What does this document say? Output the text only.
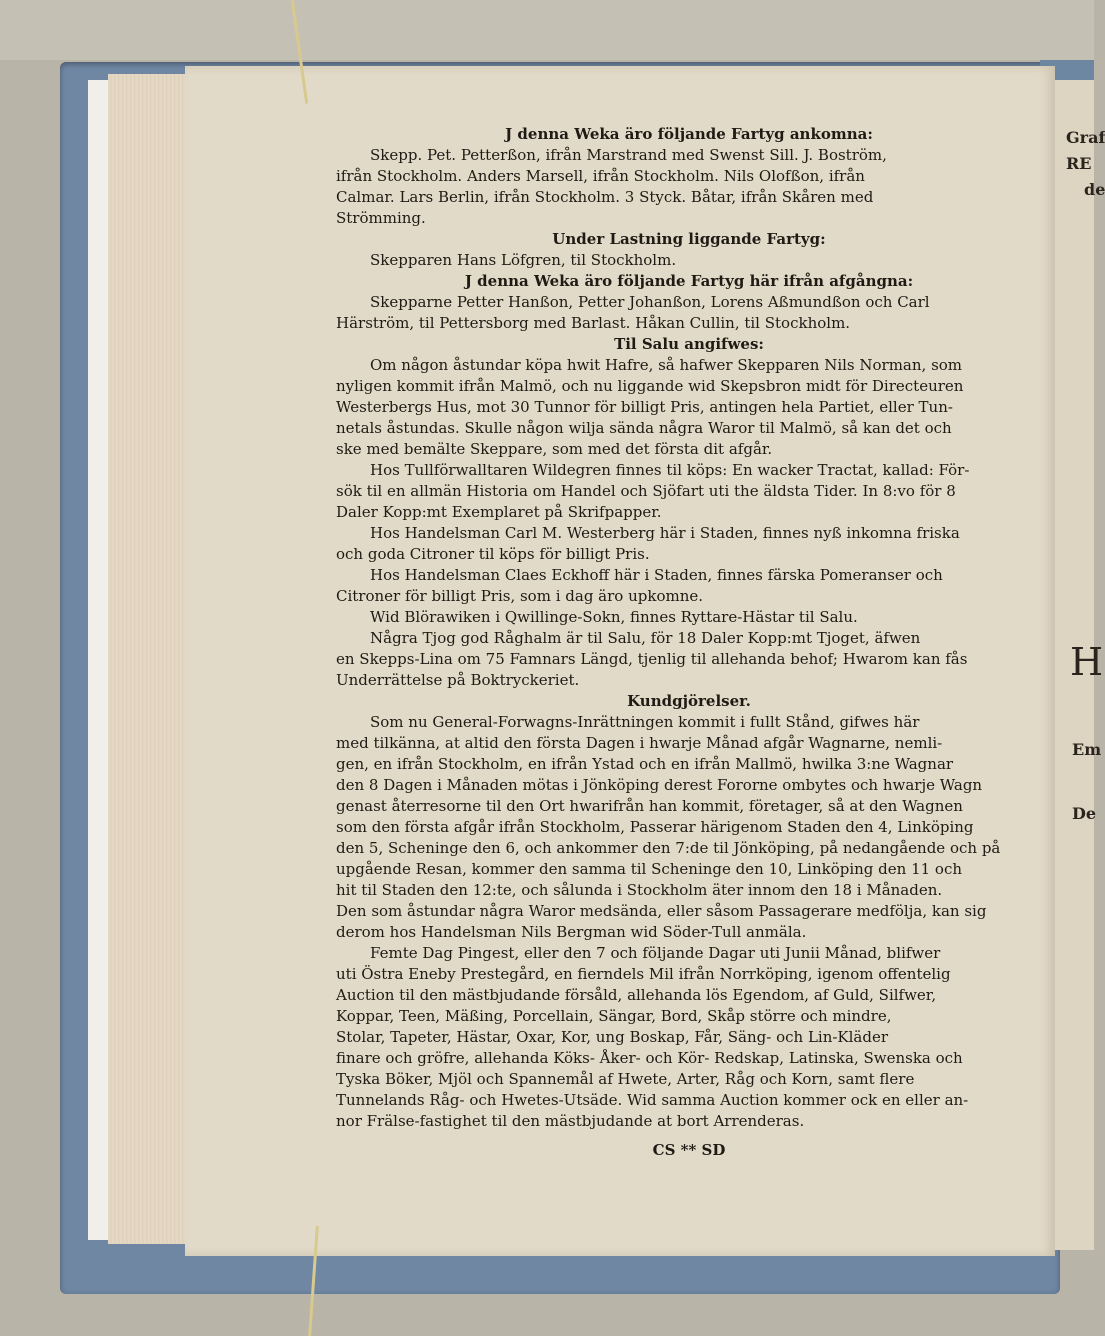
Graf
RE
de
H
Em
De
J denna Weka äro följande Fartyg ankomna:
Skepp. Pet. Petterßon, ifrån Marstrand med Swenst Sill. J. Boström,
ifrån Stockholm. Anders Marsell, ifrån Stockholm. Nils Olofßon, ifrån
Calmar. Lars Berlin, ifrån Stockholm. 3 Styck. Båtar, ifrån Skåren med
Strömming.
Under Lastning liggande Fartyg:
Skepparen Hans Löfgren, til Stockholm.
J denna Weka äro följande Fartyg här ifrån afgångna:
Skepparne Petter Hanßon, Petter Johanßon, Lorens Aßmundßon och Carl
Härström, til Pettersborg med Barlast. Håkan Cullin, til Stockholm.
Til Salu angifwes:
Om någon åstundar köpa hwit Hafre, så hafwer Skepparen Nils Norman, som
nyligen kommit ifrån Malmö, och nu liggande wid Skepsbron midt för Directeuren
Westerbergs Hus, mot 30 Tunnor för billigt Pris, antingen hela Partiet, eller Tun-
netals åstundas. Skulle någon wilja sända några Waror til Malmö, så kan det och
ske med bemälte Skeppare, som med det första dit afgår.
Hos Tullförwalltaren Wildegren finnes til köps: En wacker Tractat, kallad: För-
sök til en allmän Historia om Handel och Sjöfart uti the äldsta Tider. In 8:vo för 8
Daler Kopp:mt Exemplaret på Skrifpapper.
Hos Handelsman Carl M. Westerberg här i Staden, finnes nyß inkomna friska
och goda Citroner til köps för billigt Pris.
Hos Handelsman Claes Eckhoff här i Staden, finnes färska Pomeranser och
Citroner för billigt Pris, som i dag äro upkomne.
Wid Blörawiken i Qwillinge-Sokn, finnes Ryttare-Hästar til Salu.
Några Tjog god Råghalm är til Salu, för 18 Daler Kopp:mt Tjoget, äfwen
en Skepps-Lina om 75 Famnars Längd, tjenlig til allehanda behof; Hwarom kan fås
Underrättelse på Boktryckeriet.
Kundgjörelser.
Som nu General-Forwagns-Inrättningen kommit i fullt Stånd, gifwes här
med tilkänna, at altid den första Dagen i hwarje Månad afgår Wagnarne, nemli-
gen, en ifrån Stockholm, en ifrån Ystad och en ifrån Mallmö, hwilka 3:ne Wagnar
den 8 Dagen i Månaden mötas i Jönköping derest Fororne ombytes och hwarje Wagn
genast återresorne til den Ort hwarifrån han kommit, företager, så at den Wagnen
som den första afgår ifrån Stockholm, Passerar härigenom Staden den 4, Linköping
den 5, Scheninge den 6, och ankommer den 7:de til Jönköping, på nedangående och på
upgående Resan, kommer den samma til Scheninge den 10, Linköping den 11 och
hit til Staden den 12:te, och sålunda i Stockholm äter innom den 18 i Månaden.
Den som åstundar några Waror medsända, eller såsom Passagerare medfölja, kan sig
derom hos Handelsman Nils Bergman wid Söder-Tull anmäla.
Femte Dag Pingest, eller den 7 och följande Dagar uti Junii Månad, blifwer
uti Östra Eneby Prestegård, en fierndels Mil ifrån Norrköping, igenom offentelig
Auction til den mästbjudande försåld, allehanda lös Egendom, af Guld, Silfwer,
Koppar, Teen, Mäßing, Porcellain, Sängar, Bord, Skåp större och mindre,
Stolar, Tapeter, Hästar, Oxar, Kor, ung Boskap, Får, Säng- och Lin-Kläder
finare och gröfre, allehanda Köks- Åker- och Kör- Redskap, Latinska, Swenska och
Tyska Böker, Mjöl och Spannemål af Hwete, Arter, Råg och Korn, samt flere
Tunnelands Råg- och Hwetes-Utsäde. Wid samma Auction kommer ock en eller an-
nor Frälse-fastighet til den mästbjudande at bort Arrenderas.
CS ** SD
